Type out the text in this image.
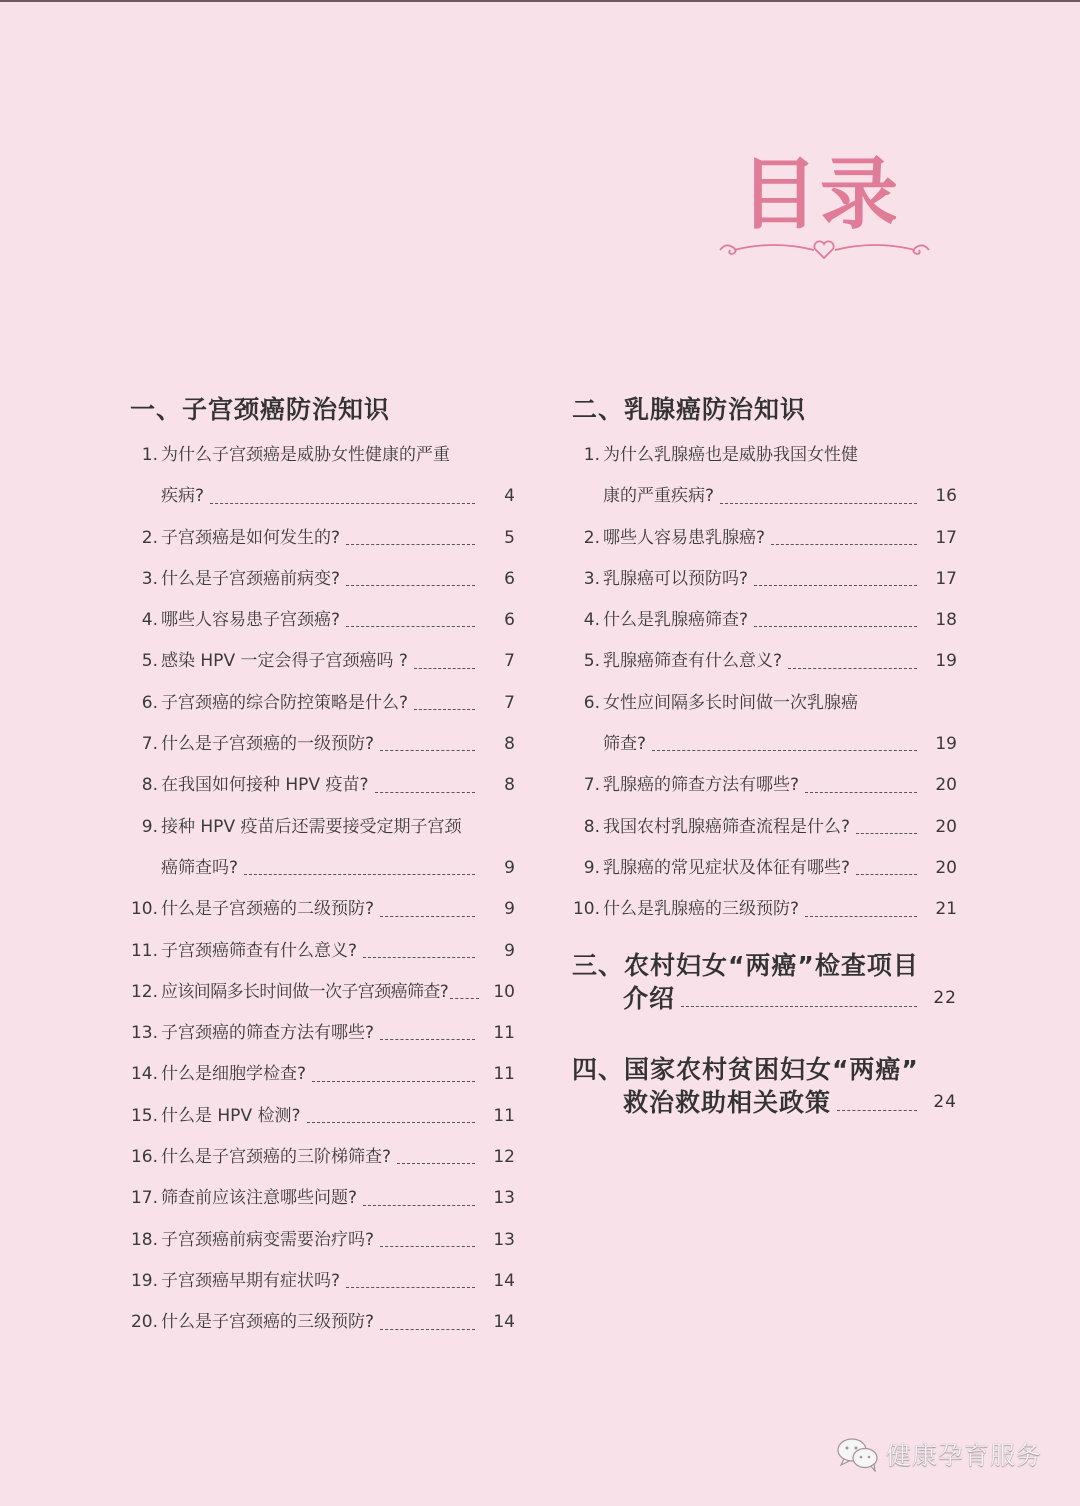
目录
一、子宫颈癌防治知识
1. 为什么子宫颈癌是威胁女性健康的严重
疾病?	4
2. 子宫颈癌是如何发生的?	5
3. 什么是子宫颈癌前病变?	6
4. 哪些人容易患子宫颈癌?	6
5. 感染 HPV 一定会得子宫颈癌吗 ?	7
6. 子宫颈癌的综合防控策略是什么?	7
7. 什么是子宫颈癌的一级预防?	8
8. 在我国如何接种 HPV 疫苗?	8
9. 接种 HPV 疫苗后还需要接受定期子宫颈
癌筛查吗?	9
10. 什么是子宫颈癌的二级预防?	9
11. 子宫颈癌筛查有什么意义?	9
12. 应该间隔多长时间做一次子宫颈癌筛查?	10
13. 子宫颈癌的筛查方法有哪些?	11
14. 什么是细胞学检查?	11
15. 什么是 HPV 检测?	11
16. 什么是子宫颈癌的三阶梯筛查?	12
17. 筛查前应该注意哪些问题?	13
18. 子宫颈癌前病变需要治疗吗?	13
19. 子宫颈癌早期有症状吗?	14
20. 什么是子宫颈癌的三级预防?	14
二、乳腺癌防治知识
1. 为什么乳腺癌也是威胁我国女性健
康的严重疾病?	16
2. 哪些人容易患乳腺癌?	17
3. 乳腺癌可以预防吗?	17
4. 什么是乳腺癌筛查?	18
5. 乳腺癌筛查有什么意义?	19
6. 女性应间隔多长时间做一次乳腺癌
筛查?	19
7. 乳腺癌的筛查方法有哪些?	20
8. 我国农村乳腺癌筛查流程是什么?	20
9. 乳腺癌的常见症状及体征有哪些?	20
10. 什么是乳腺癌的三级预防?	21
三、农村妇女“两癌”检查项目
介绍	22
四、国家农村贫困妇女“两癌”
救治救助相关政策	24
健康孕育服务
